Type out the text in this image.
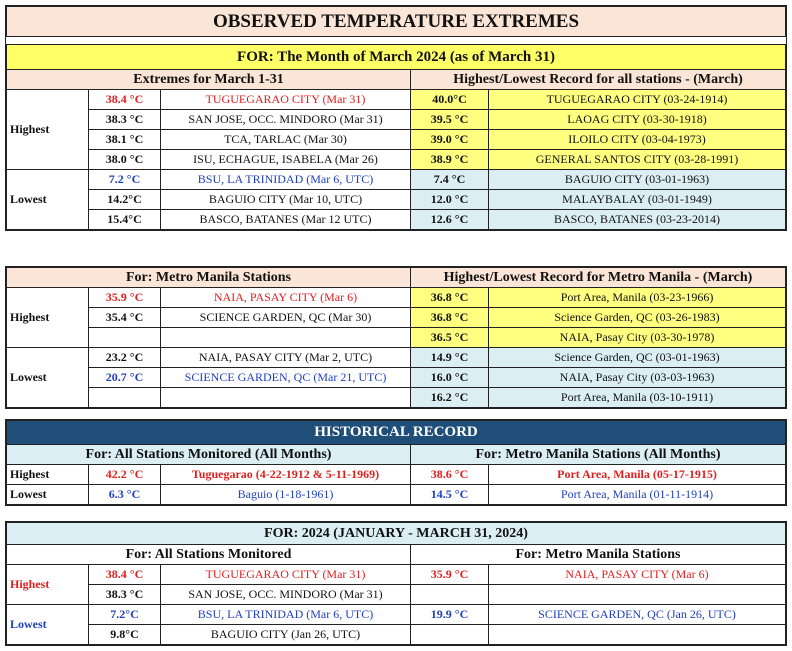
OBSERVED TEMPERATURE EXTREMES				

FOR: The Month of March 2024 (as of March 31)				
Extremes for March 1-31			Highest/Lowest Record for all stations - (March)	
Highest	38.4 °C	TUGUEGARAO CITY (Mar 31)	40.0°C	TUGUEGARAO CITY (03-24-1914)
	38.3 °C	SAN JOSE, OCC. MINDORO (Mar 31)	39.5 °C	LAOAG CITY (03-30-1918)
	38.1 °C	TCA, TARLAC (Mar 30)	39.0 °C	ILOILO CITY (03-04-1973)
	38.0 °C	ISU, ECHAGUE, ISABELA (Mar 26)	38.9 °C	GENERAL SANTOS CITY (03-28-1991)
Lowest	7.2 °C	BSU, LA TRINIDAD (Mar 6, UTC)	7.4 °C	BAGUIO CITY (03-01-1963)
	14.2°C	BAGUIO CITY (Mar 10, UTC)	12.0 °C	MALAYBALAY (03-01-1949)
	15.4°C	BASCO, BATANES (Mar 12 UTC)	12.6 °C	BASCO, BATANES (03-23-2014)
For: Metro Manila Stations			Highest/Lowest Record for Metro Manila - (March)	
Highest	35.9 °C	NAIA, PASAY CITY (Mar 6)	36.8 °C	Port Area, Manila (03-23-1966)
	35.4 °C	SCIENCE GARDEN, QC (Mar 30)	36.8 °C	Science Garden, QC (03-26-1983)
			36.5 °C	NAIA, Pasay City (03-30-1978)
Lowest	23.2 °C	NAIA, PASAY CITY (Mar 2, UTC)	14.9 °C	Science Garden, QC (03-01-1963)
	20.7 °C	SCIENCE GARDEN, QC (Mar 21, UTC)	16.0 °C	NAIA, Pasay City (03-03-1963)
			16.2 °C	Port Area, Manila (03-10-1911)
HISTORICAL RECORD				
For: All Stations Monitored (All Months)			For: Metro Manila Stations (All Months)	
Highest	42.2 °C	Tuguegarao (4-22-1912 & 5-11-1969)	38.6 °C	Port Area, Manila (05-17-1915)
Lowest	6.3 °C	Baguio (1-18-1961)	14.5 °C	Port Area, Manila (01-11-1914)
FOR: 2024 (JANUARY - MARCH 31, 2024)				
For: All Stations Monitored			For: Metro Manila Stations	
Highest	38.4 °C	TUGUEGARAO CITY (Mar 31)	35.9 °C	NAIA, PASAY CITY (Mar 6)
	38.3 °C	SAN JOSE, OCC. MINDORO (Mar 31)		
Lowest	7.2°C	BSU, LA TRINIDAD (Mar 6, UTC)	19.9 °C	SCIENCE GARDEN, QC (Jan 26, UTC)
	9.8°C	BAGUIO CITY (Jan 26, UTC)		
